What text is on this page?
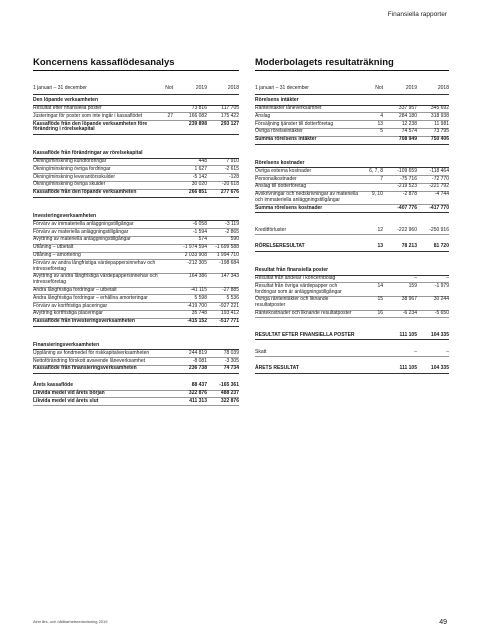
Finansiella rapporter
Koncernens kassaflödesanalys
1 januari – 31 december	Not	2019	2018
Den löpande verksamheten
Resultat efter finansiella poster	73 816	117 705
Justeringar för poster som inte ingår i kassaflödet	27	166 082	175 422
Kassaflöde från den löpande verksamheten före förändring i rörelsekapital
239 898	293 127
Kassaflöde från förändringar av rörelsekapital
Ökning/minskning kundfordringar	448	7 910
Ökning/minskning övriga fordringar	1 627	-2 615
Ökning/minskning leverantörsskulder	-5 142	-128
Ökning/minskning övriga skulder	30 020	-20 618
Kassaflöde från den löpande verksamheten	266 851	277 676
Investeringsverksamheten
Förvärv av immateriella anläggningstillgångar	-6 058	-3 119
Förvärv av materiella anläggningstillgångar	-1 594	-2 865
Avyttring av materiella anläggningstillgångar	574	590
Utlåning – utbetalt	-1 974 594	-1 699 588
Utlåning – amortering	2 033 908	1 994 710
Förvärv av andra långfristiga värdepappersinnehav och intresseföretag
-212 305	-198 684
Avyttring av andra långfristiga värdepappersinnehav och intresseföretag
164 386	147 343
Andra långfristiga fordringar – utbetalt	-41 115	-27 885
Andra långfristiga fordringar – erhållna amorteringar	5 598	5 536
Förvärv av kortfristiga placeringar	-419 700	-927 221
Avyttring kortfristiga placeringar	35 748	193 412
Kassaflöde från investeringsverksamheten	-415 152	-517 771
Finansieringsverksamheten
Upplåning av fondmedel för riskkapitalverksamheten	244 819	78 039
Nettoförändring förskott avseende låneverksamhet	-8 081	-3 305
Kassaflöde från finansieringsverksamheten	236 738	74 734
Årets kassaflöde	88 437	-165 361
Likvida medel vid årets början	322 876	488 237
Likvida medel vid årets slut	411 313	322 876
Moderbolagets resultaträkning
1 januari – 31 december	Not	2019	2018
Rörelsens intäkter
Ränteintäkter låneverksamhet	337 957	345 692
Anslag	4	284 180	318 938
Försäljning tjänster till dotterföretag	13	12 238	11 981
Övriga rörelseintäkter	5	74 574	73 795
Summa rörelsens intäkter	708 949	750 406
Rörelsens kostnader
Övriga externa kostnader	6, 7, 8	-109 659	-118 464
Personalkostnader	7	-75 716	-72 770
Anslag till dotterföretag	-219 523	-221 792
Avskrivningar och nedskrivningar av materiella och immateriella anläggningstillgångar
9, 10	-2 878	-4 744
Summa rörelsens kostnader	-407 776	-417 770
Kreditförluster	12	-222 960	-250 916
RÖRELSERESULTAT	13	78 213	81 720
Resultat från finansiella poster
Resultat från andelar i koncernbolag	–	–
Resultat från övriga värdepapper och fordringar som är anläggningstillgångar
14	159	-1 979
Övriga ränteintäkter och liknande resultatposter
15	38 967	30 244
Räntekostnader och liknande resultatposter	16	-6 234	-5 650
RESULTAT EFTER FINANSIELLA POSTER	111 105	104 335
Skatt	–	–
ÅRETS RESULTAT	111 105	104 335
Almi års- och hållbarhetsredovisning 2019	49
